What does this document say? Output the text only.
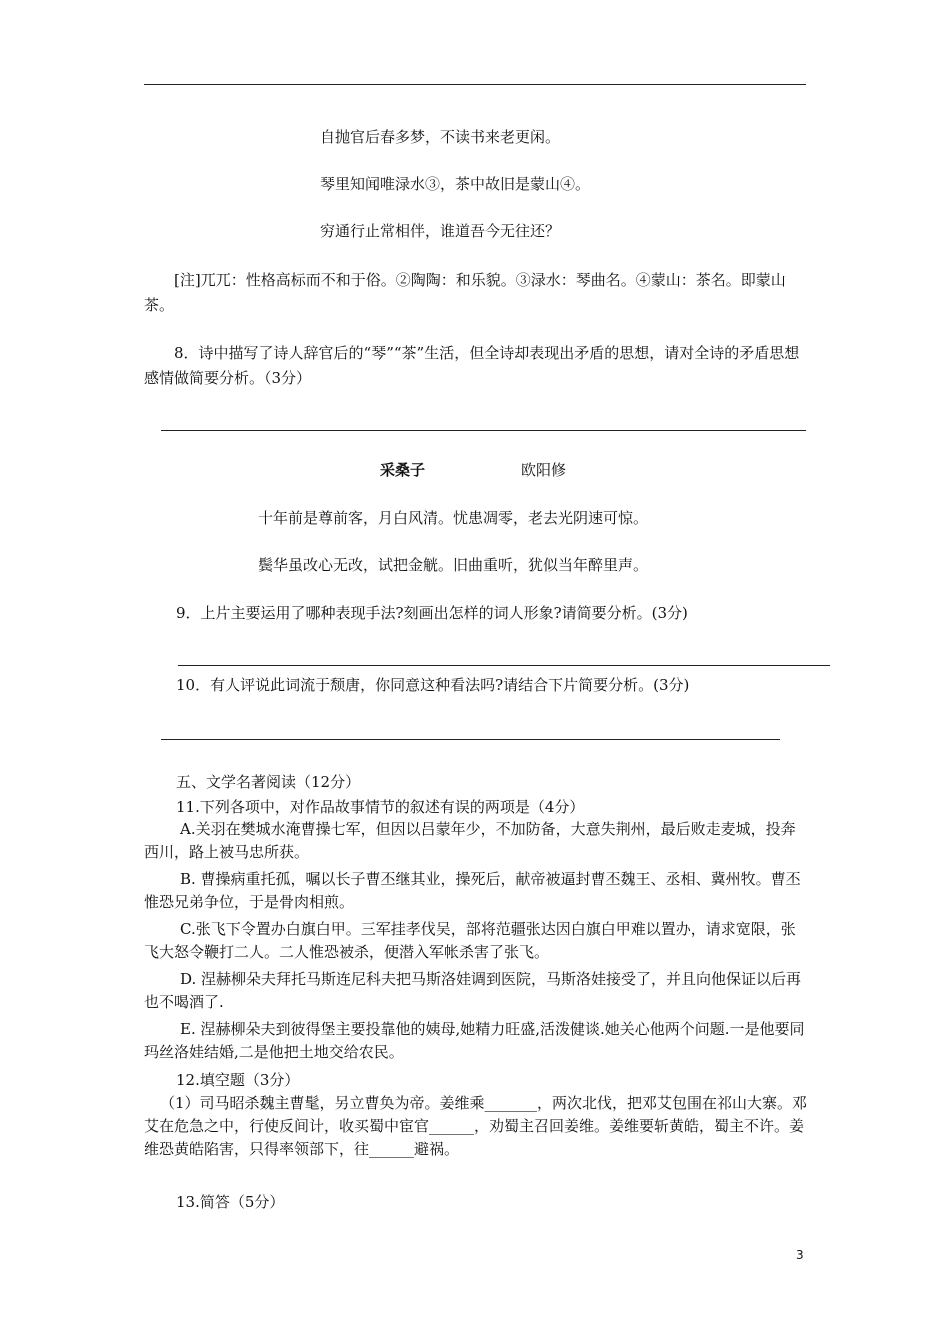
自抛官后春多梦，不读书来老更闲。
琴里知闻唯渌水③，茶中故旧是蒙山④。
穷通行止常相伴，谁道吾今无往还？
[注]兀兀：性格高标而不和于俗。②陶陶：和乐貌。③渌水：琴曲名。④蒙山：茶名。即蒙山茶。
8．诗中描写了诗人辞官后的“琴”“茶”生活，但全诗却表现出矛盾的思想，请对全诗的矛盾思想感情做简要分析。（3分）
采桑子	欧阳修
十年前是尊前客，月白风清。忧患凋零，老去光阴速可惊。
鬓华虽改心无改，试把金觥。旧曲重听，犹似当年醉里声。
9．上片主要运用了哪种表现手法?刻画出怎样的词人形象?请简要分析。(3分)
10．有人评说此词流于颓唐，你同意这种看法吗?请结合下片简要分析。(3分)
五、文学名著阅读（12分）
11.下列各项中，对作品故事情节的叙述有误的两项是（4分）
A.关羽在樊城水淹曹操七军，但因以吕蒙年少，不加防备，大意失荆州，最后败走麦城，投奔西川，路上被马忠所获。
B. 曹操病重托孤，嘱以长子曹丕继其业，操死后，献帝被逼封曹丕魏王、丞相、冀州牧。曹丕惟恐兄弟争位，于是骨肉相煎。
C.张飞下令置办白旗白甲。三军挂孝伐吴，部将范疆张达因白旗白甲难以置办，请求宽限，张飞大怒令鞭打二人。二人惟恐被杀，便潜入军帐杀害了张飞。
D. 涅赫柳朵夫拜托马斯连尼科夫把马斯洛娃调到医院，马斯洛娃接受了，并且向他保证以后再也不喝酒了.
E. 涅赫柳朵夫到彼得堡主要投靠他的姨母,她精力旺盛,活泼健谈.她关心他两个问题.一是他要同玛丝洛娃结婚,二是他把土地交给农民。
12.填空题（3分）
（1）司马昭杀魏主曹髦，另立曹奂为帝。姜维乘_______，两次北伐，把邓艾包围在祁山大寨。邓艾在危急之中，行使反间计，收买蜀中宦官______，劝蜀主召回姜维。姜维要斩黄皓，蜀主不许。姜维恐黄皓陷害，只得率领部下，往______避祸。
13.简答（5分）
3
